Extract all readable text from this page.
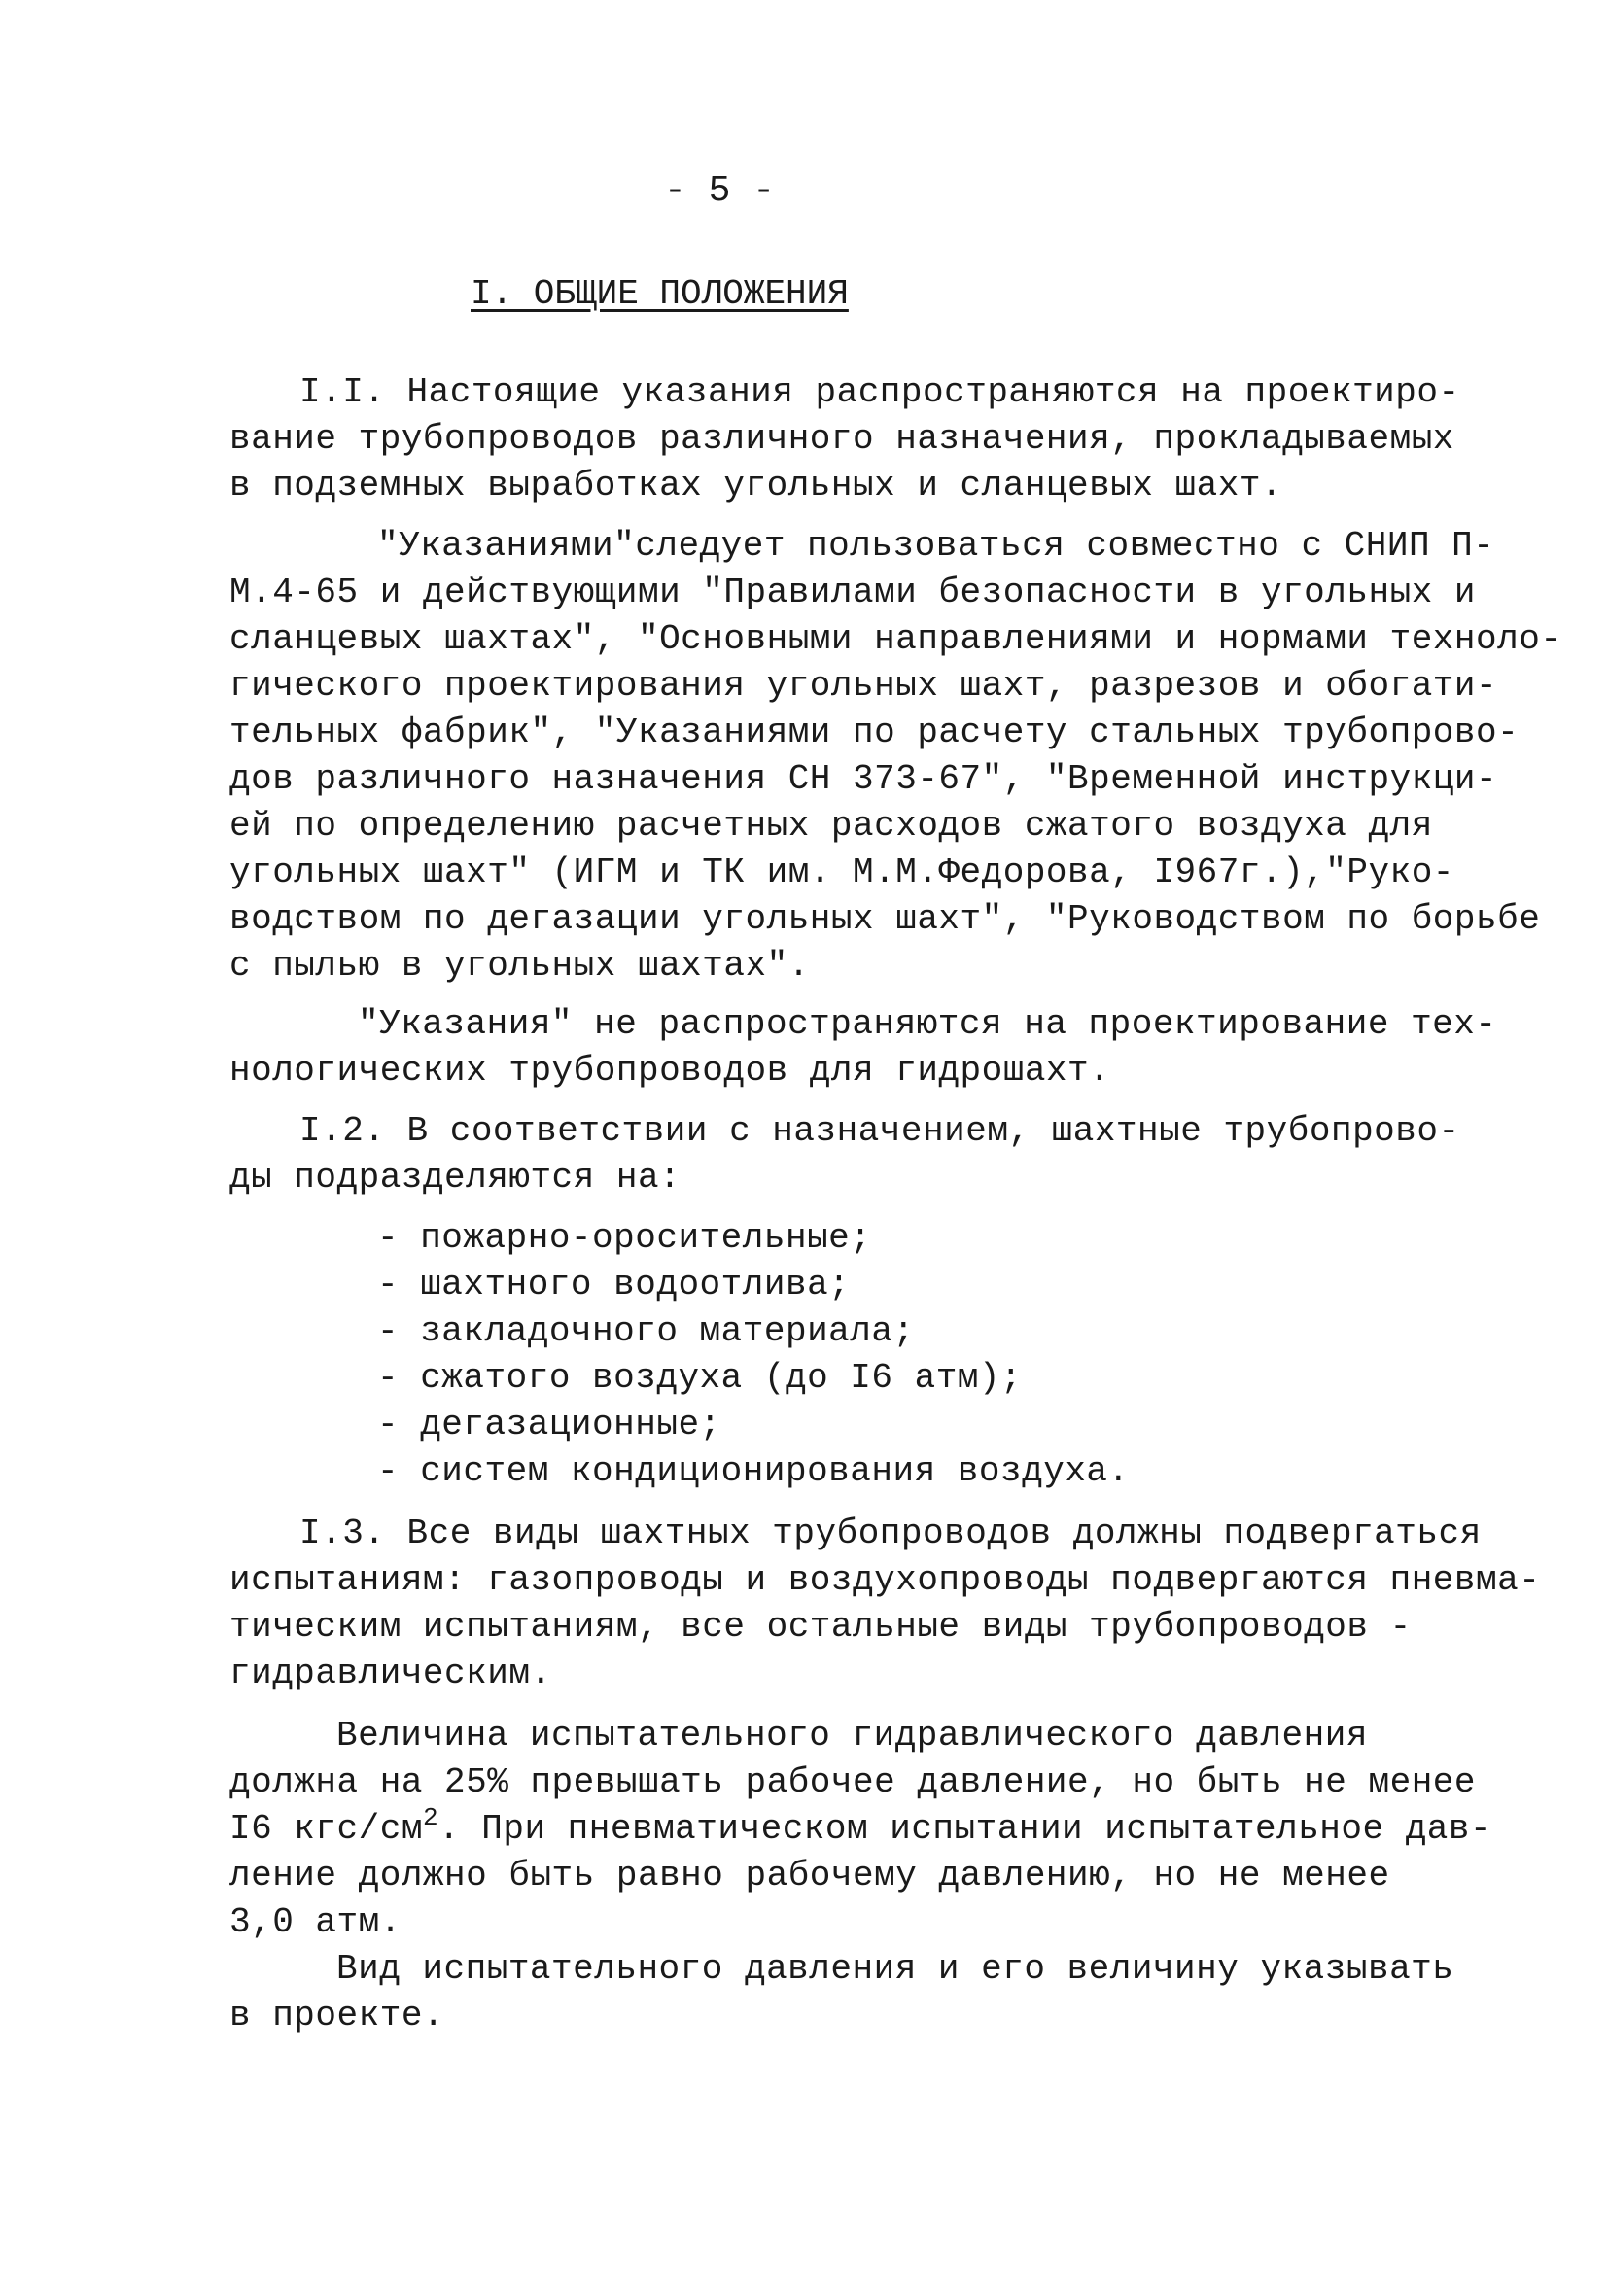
- 5 -
I. ОБЩИЕ ПОЛОЖЕНИЯ
I.I. Настоящие указания распространяются на проектиро-
вание трубопроводов различного назначения, прокладываемых
в подземных выработках угольных и сланцевых шахт.
"Указаниями"следует пользоваться совместно с СНИП П-
М.4-65 и действующими "Правилами безопасности в угольных и
сланцевых шахтах", "Основными направлениями и нормами техноло-
гического проектирования угольных шахт, разрезов и обогати-
тельных фабрик", "Указаниями по расчету стальных трубопрово-
дов различного назначения СН 373-67", "Временной инструкци-
ей по определению расчетных расходов сжатого воздуха для
угольных шахт" (ИГМ и ТК им. М.М.Федорова, I967г.),"Руко-
водством по дегазации угольных шахт", "Руководством по борьбе
с пылью в угольных шахтах".
"Указания" не распространяются на проектирование тех-
нологических трубопроводов для гидрошахт.
I.2. В соответствии с назначением, шахтные трубопрово-
ды подразделяются на:
- пожарно-оросительные;
- шахтного водоотлива;
- закладочного материала;
- сжатого воздуха (до I6 атм);
- дегазационные;
- систем кондиционирования воздуха.
I.3. Все виды шахтных трубопроводов должны подвергаться
испытаниям: газопроводы и воздухопроводы подвергаются пневма-
тическим испытаниям, все остальные виды трубопроводов -
гидравлическим.
Величина испытательного гидравлического давления
должна на 25% превышать рабочее давление, но быть не менее
I6 кгс/$см^2$. При пневматическом испытании испытательное дав-
ление должно быть равно рабочему давлению, но не менее
3,0 атм.
Вид испытательного давления и его величину указывать
в проекте.
